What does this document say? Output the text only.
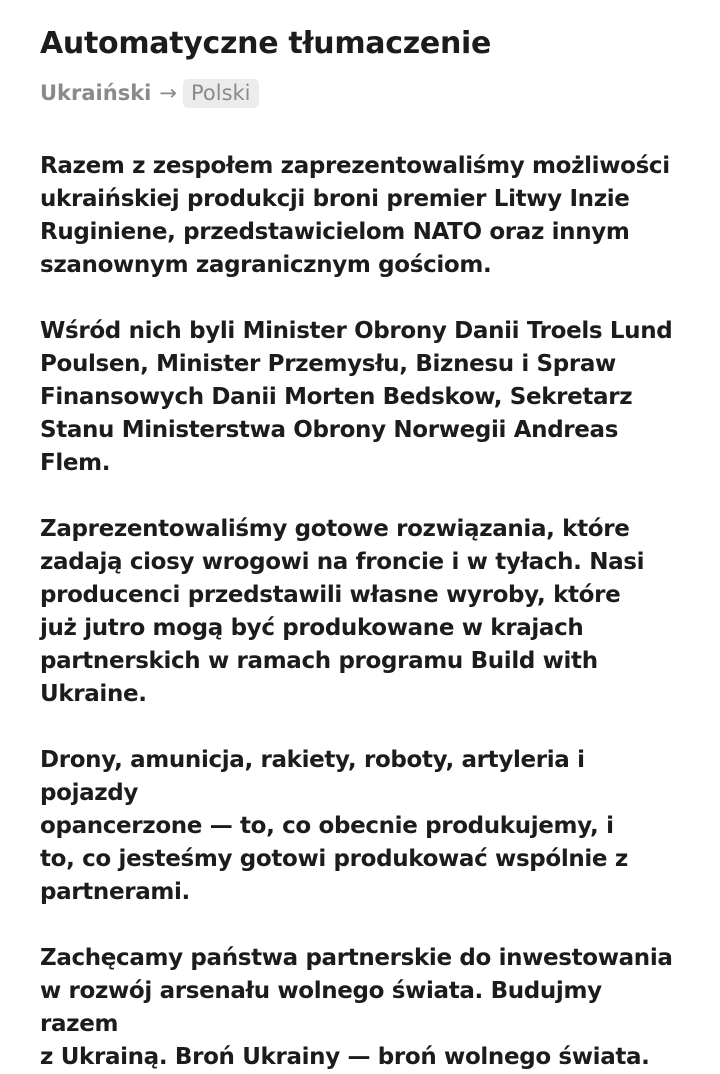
Automatyczne tłumaczenie
Ukraiński → Polski

Razem z zespołem zaprezentowaliśmy możliwości
ukraińskiej produkcji broni premier Litwy Inzie
Ruginiene, przedstawicielom NATO oraz innym
szanownym zagranicznym gościom.

Wśród nich byli Minister Obrony Danii Troels Lund
Poulsen, Minister Przemysłu, Biznesu i Spraw
Finansowych Danii Morten Bedskow, Sekretarz
Stanu Ministerstwa Obrony Norwegii Andreas
Flem.

Zaprezentowaliśmy gotowe rozwiązania, które
zadają ciosy wrogowi na froncie i w tyłach. Nasi
producenci przedstawili własne wyroby, które
już jutro mogą być produkowane w krajach
partnerskich w ramach programu Build with
Ukraine.

Drony, amunicja, rakiety, roboty, artyleria i pojazdy
opancerzone — to, co obecnie produkujemy, i
to, co jesteśmy gotowi produkować wspólnie z
partnerami.

Zachęcamy państwa partnerskie do inwestowania
w rozwój arsenału wolnego świata. Budujmy razem
z Ukrainą. Broń Ukrainy — broń wolnego świata.
